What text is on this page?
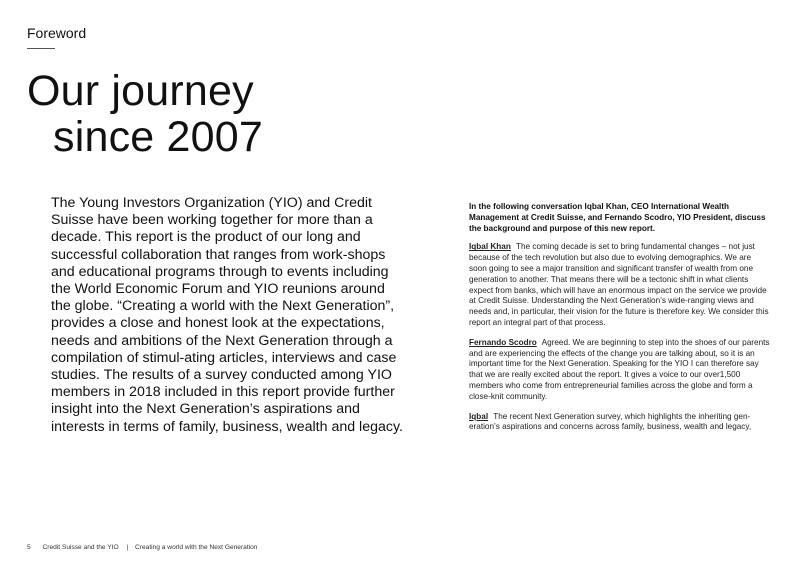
Foreword
Our journey
since 2007

The Young Investors Organization (YIO) and Credit Suisse have been working together for more than a decade. This report is the product of our long and successful collaboration that ranges from work-shops and educational programs through to events including the World Economic Forum and YIO reunions around the globe. “Creating a world with the Next Generation”, provides a close and honest look at the expectations, needs and ambitions of the Next Generation through a compilation of stimul-ating articles, interviews and case studies. The results of a survey conducted among YIO members in 2018 included in this report provide further insight into the Next Generation’s aspirations and interests in terms of family, business, wealth and legacy.

In the following conversation Iqbal Khan, CEO International Wealth Management at Credit Suisse, and Fernando Scodro, YIO President, discuss the background and purpose of this new report.

Iqbal Khan The coming decade is set to bring fundamental changes – not just because of the tech revolution but also due to evolving demographics. We are soon going to see a major transition and significant transfer of wealth from one generation to another. That means there will be a tectonic shift in what clients expect from banks, which will have an enormous impact on the service we provide at Credit Suisse. Understanding the Next Generation’s wide-ranging views and needs and, in particular, their vision for the future is therefore key. We consider this report an integral part of that process.

Fernando Scodro Agreed. We are beginning to step into the shoes of our parents and are experiencing the effects of the change you are talking about, so it is an important time for the Next Generation. Speaking for the YIO I can therefore say that we are really excited about the report. It gives a voice to our over1,500 members who come from entrepreneurial families across the globe and form a close-knit community.

Iqbal The recent Next Generation survey, which highlights the inheriting gen-eration’s aspirations and concerns across family, business, wealth and legacy,

5 Credit Suisse and the YIO | Creating a world with the Next Generation
